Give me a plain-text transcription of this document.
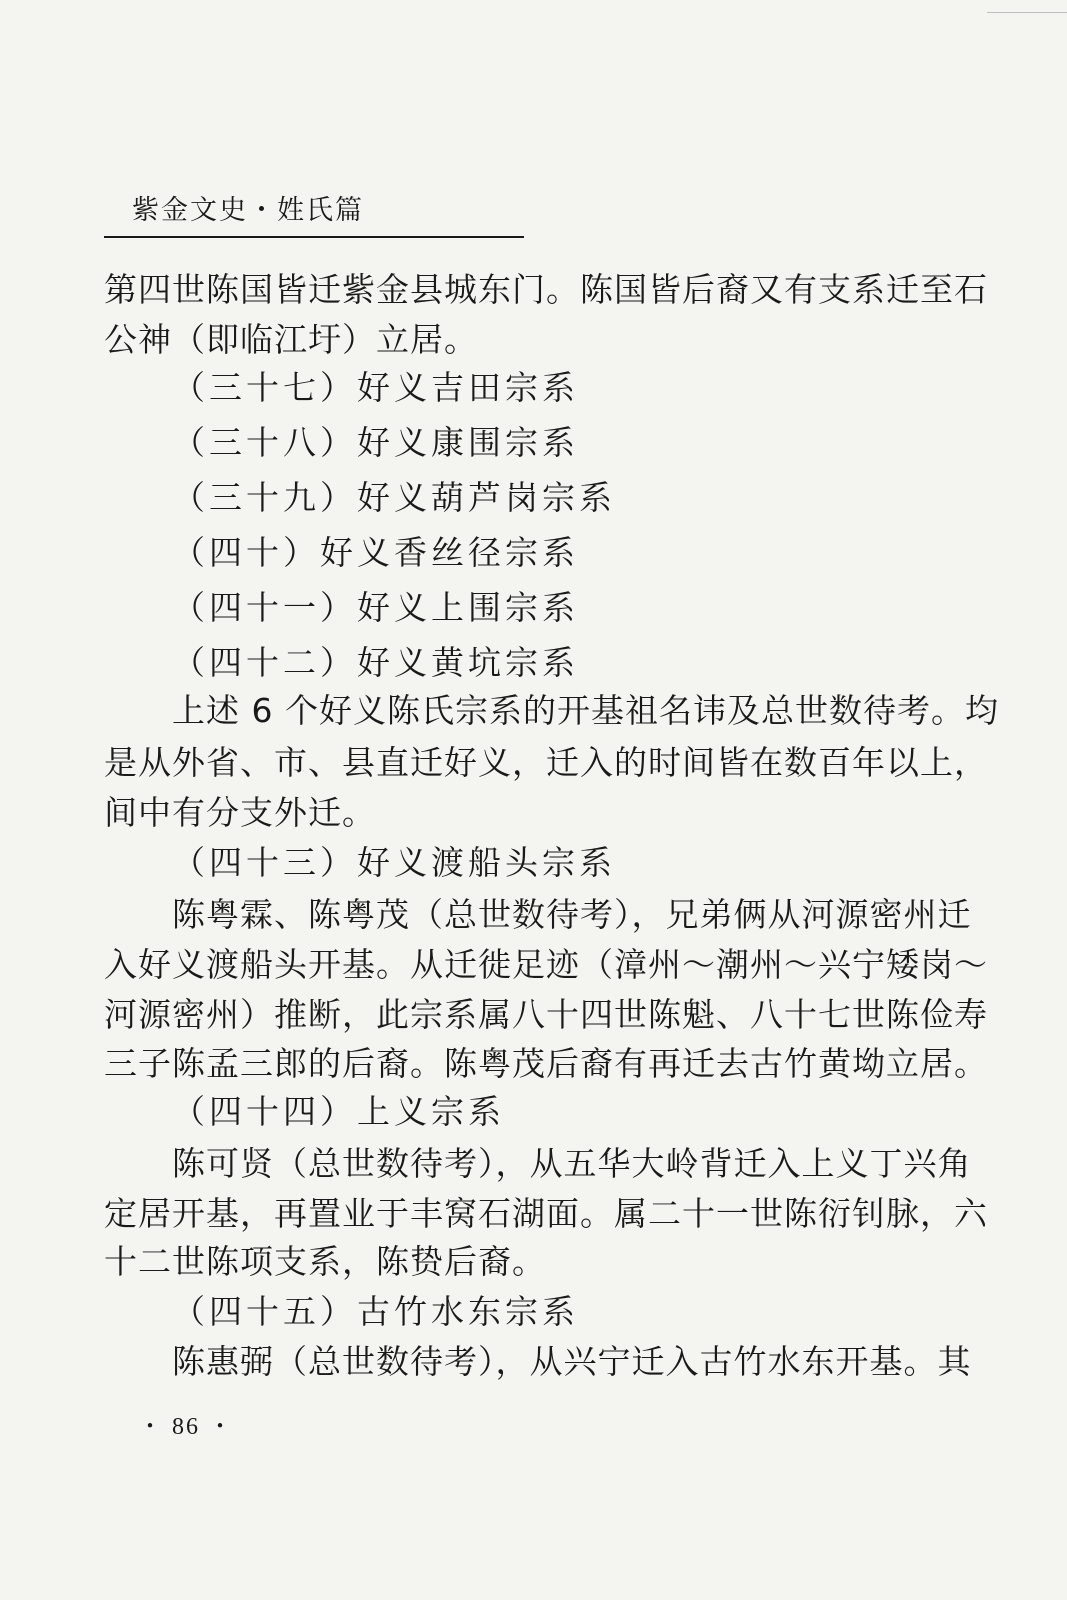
紫金文史・姓氏篇
第四世陈国皆迁紫金县城东门。陈国皆后裔又有支系迁至石
公神（即临江圩）立居。
（三十七）好义吉田宗系
（三十八）好义康围宗系
（三十九）好义葫芦岗宗系
（四十）好义香丝径宗系
（四十一）好义上围宗系
（四十二）好义黄坑宗系
上述 6 个好义陈氏宗系的开基祖名讳及总世数待考。均
是从外省、市、县直迁好义，迁入的时间皆在数百年以上，
间中有分支外迁。
（四十三）好义渡船头宗系
陈粤霖、陈粤茂（总世数待考），兄弟俩从河源密州迁
入好义渡船头开基。从迁徙足迹（漳州～潮州～兴宁矮岗～
河源密州）推断，此宗系属八十四世陈魁、八十七世陈俭寿
三子陈孟三郎的后裔。陈粤茂后裔有再迁去古竹黄坳立居。
（四十四）上义宗系
陈可贤（总世数待考），从五华大岭背迁入上义丁兴角
定居开基，再置业于丰窝石湖面。属二十一世陈衍钊脉，六
十二世陈项支系，陈贽后裔。
（四十五）古竹水东宗系
陈惠弼（总世数待考），从兴宁迁入古竹水东开基。其
・ 86 ・
